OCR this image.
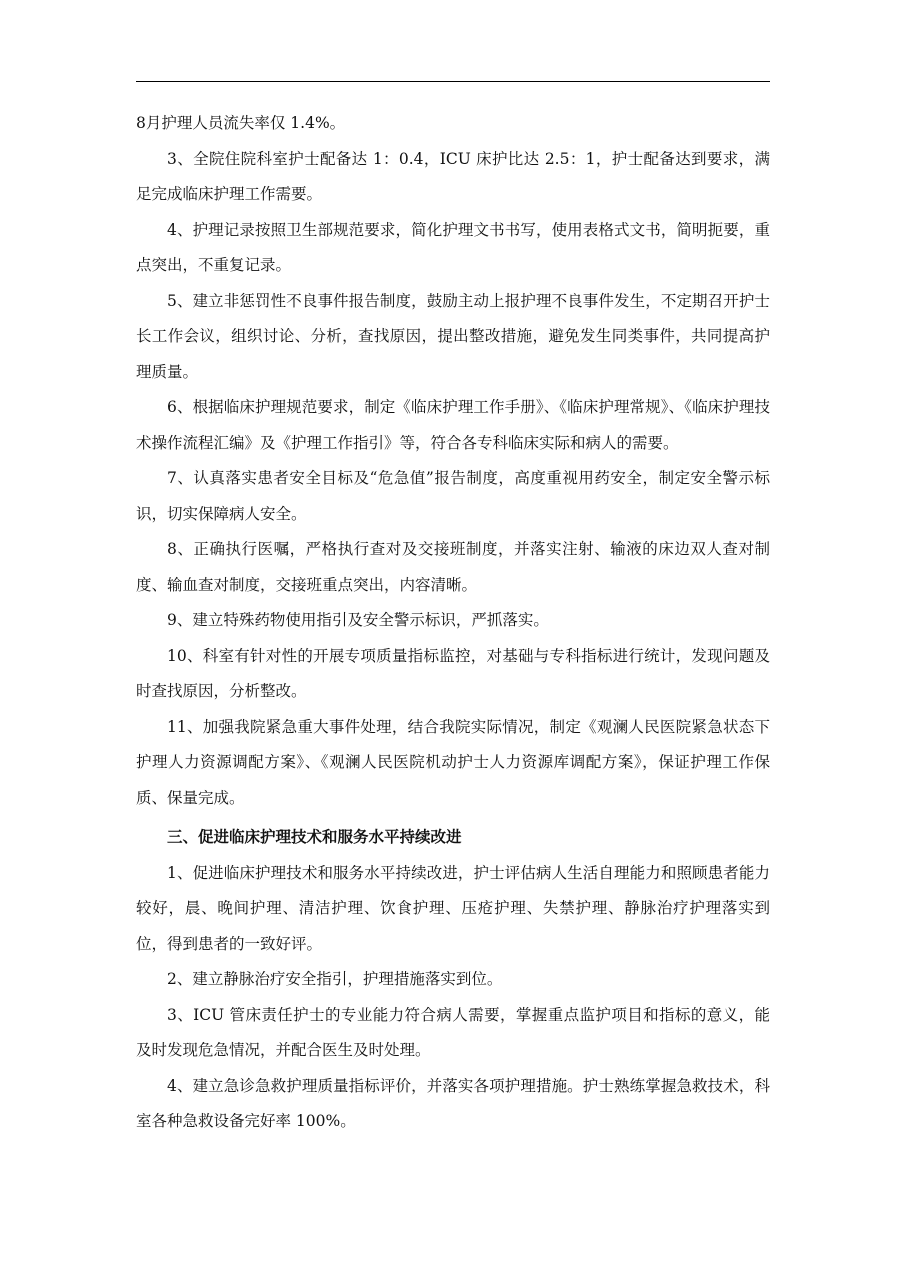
8月护理人员流失率仅 1.4%。

3、全院住院科室护士配备达 1：0.4，ICU 床护比达 2.5：1，护士配备达到要求，满足完成临床护理工作需要。

4、护理记录按照卫生部规范要求，简化护理文书书写，使用表格式文书，简明扼要，重点突出，不重复记录。

5、建立非惩罚性不良事件报告制度，鼓励主动上报护理不良事件发生，不定期召开护士长工作会议，组织讨论、分析，查找原因，提出整改措施，避免发生同类事件，共同提高护理质量。

6、根据临床护理规范要求，制定《临床护理工作手册》、《临床护理常规》、《临床护理技术操作流程汇编》及《护理工作指引》等，符合各专科临床实际和病人的需要。

7、认真落实患者安全目标及“危急值”报告制度，高度重视用药安全，制定安全警示标识，切实保障病人安全。

8、正确执行医嘱，严格执行查对及交接班制度，并落实注射、输液的床边双人查对制度、输血查对制度，交接班重点突出，内容清晰。

9、建立特殊药物使用指引及安全警示标识，严抓落实。

10、科室有针对性的开展专项质量指标监控，对基础与专科指标进行统计，发现问题及时查找原因，分析整改。

11、加强我院紧急重大事件处理，结合我院实际情况，制定《观澜人民医院紧急状态下护理人力资源调配方案》、《观澜人民医院机动护士人力资源库调配方案》，保证护理工作保质、保量完成。

三、促进临床护理技术和服务水平持续改进

1、促进临床护理技术和服务水平持续改进，护士评估病人生活自理能力和照顾患者能力较好，晨、晚间护理、清洁护理、饮食护理、压疮护理、失禁护理、静脉治疗护理落实到位，得到患者的一致好评。

2、建立静脉治疗安全指引，护理措施落实到位。

3、ICU 管床责任护士的专业能力符合病人需要，掌握重点监护项目和指标的意义，能及时发现危急情况，并配合医生及时处理。

4、建立急诊急救护理质量指标评价，并落实各项护理措施。护士熟练掌握急救技术，科室各种急救设备完好率 100%。
